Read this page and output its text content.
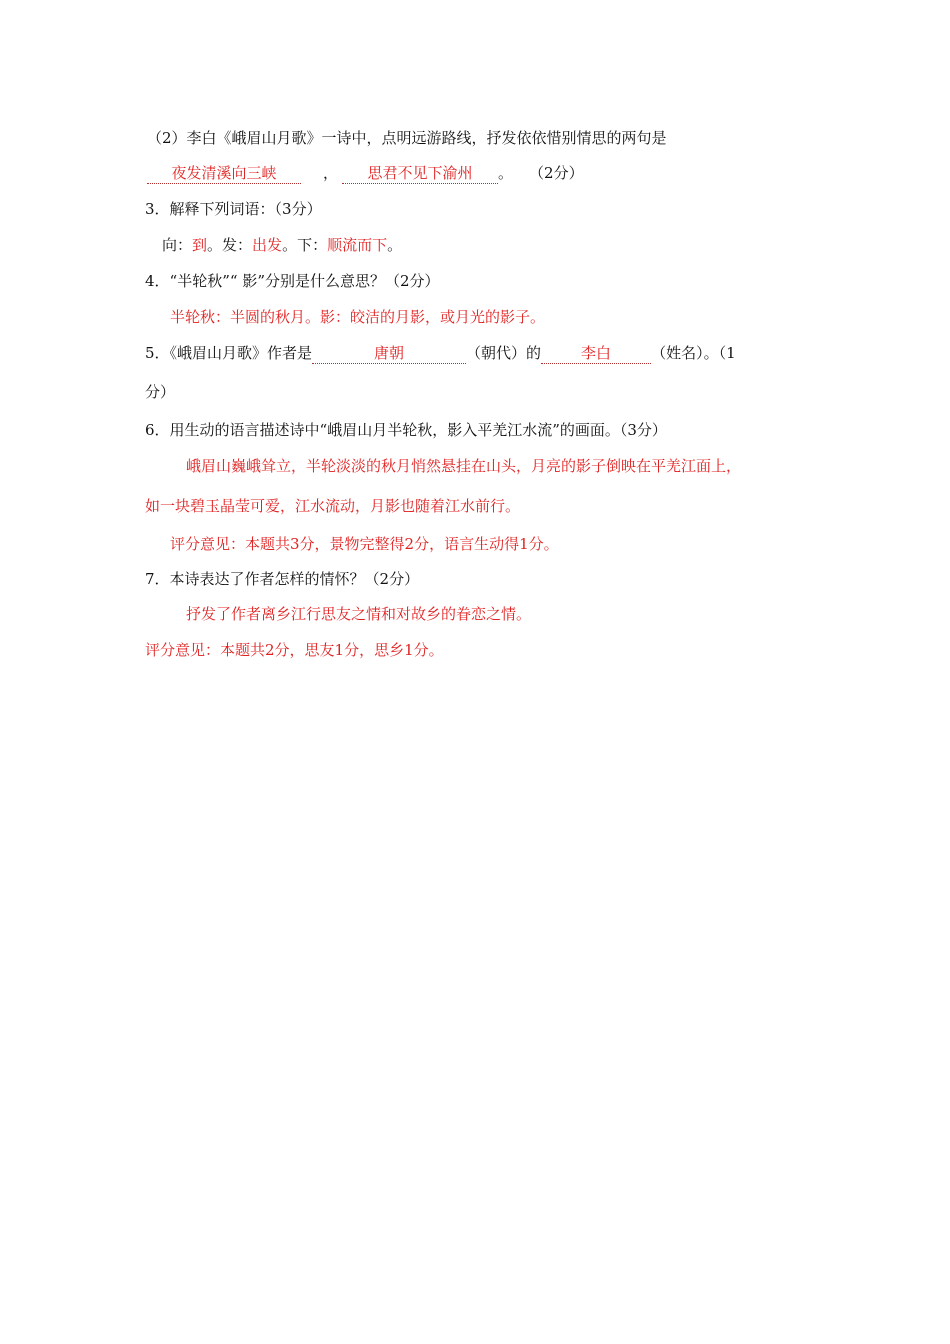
（2）李白《峨眉山月歌》一诗中，点明远游路线，抒发依依惜别情思的两句是
夜发清溪向三峡	， 思君不见下渝州 。 （2分）
3．解释下列词语：（3分）
向：到。发：出发。下：顺流而下。
4．“半轮秋”“ 影”分别是什么意思？（2分）
半轮秋：半圆的秋月。影：皎洁的月影，或月光的影子。
5．《峨眉山月歌》作者是	唐朝	（朝代）的	李白	（姓名）。（1
分）
6．用生动的语言描述诗中“峨眉山月半轮秋，影入平羌江水流”的画面。（3分）
峨眉山巍峨耸立，半轮淡淡的秋月悄然悬挂在山头，月亮的影子倒映在平羌江面上，
如一块碧玉晶莹可爱，江水流动，月影也随着江水前行。
评分意见：本题共3分，景物完整得2分，语言生动得1分。
7．本诗表达了作者怎样的情怀？（2分）
抒发了作者离乡江行思友之情和对故乡的眷恋之情。
评分意见：本题共2分，思友1分，思乡1分。
